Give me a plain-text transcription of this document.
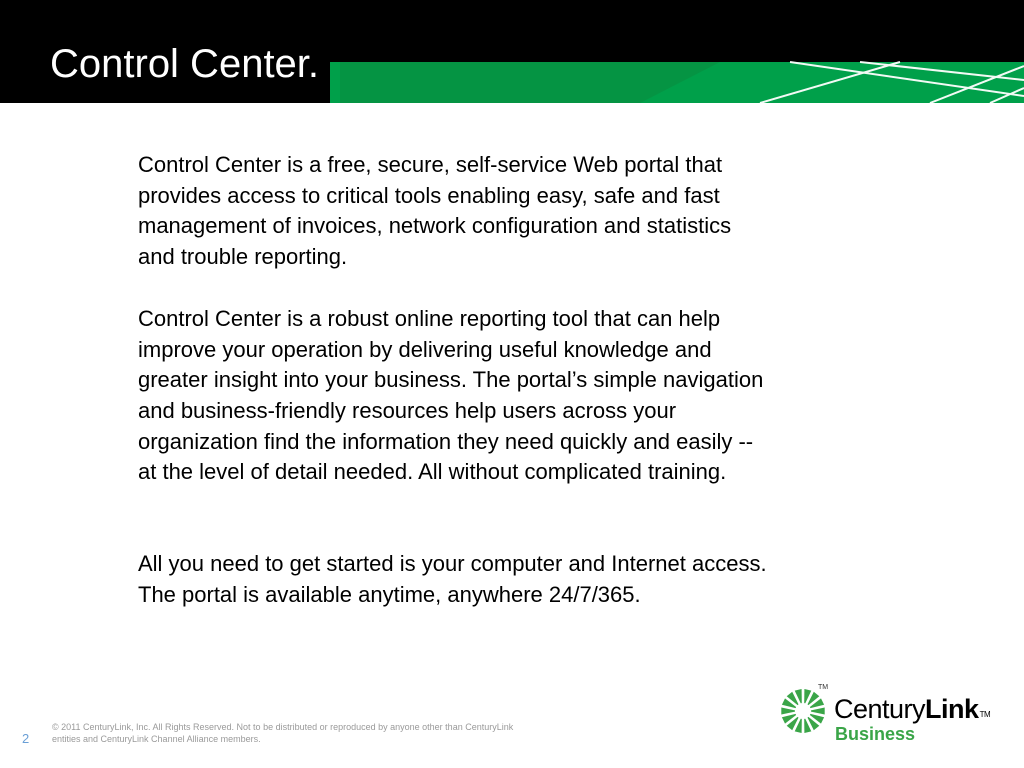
Control Center.

Control Center is a free, secure, self-service Web portal that
provides access to critical tools enabling easy, safe and fast
management of invoices, network configuration and statistics
and trouble reporting.

Control Center is a robust online reporting tool that can help
improve your operation by delivering useful knowledge and
greater insight into your business. The portal’s simple navigation
and business-friendly resources help users across your
organization find the information they need quickly and easily --
at the level of detail needed. All without complicated training.

All you need to get started is your computer and Internet access.
The portal is available anytime, anywhere 24/7/365.

2
© 2011 CenturyLink, Inc. All Rights Reserved. Not to be distributed or reproduced by anyone other than CenturyLink entities and CenturyLink Channel Alliance members.
TM
CenturyLink™
Business
